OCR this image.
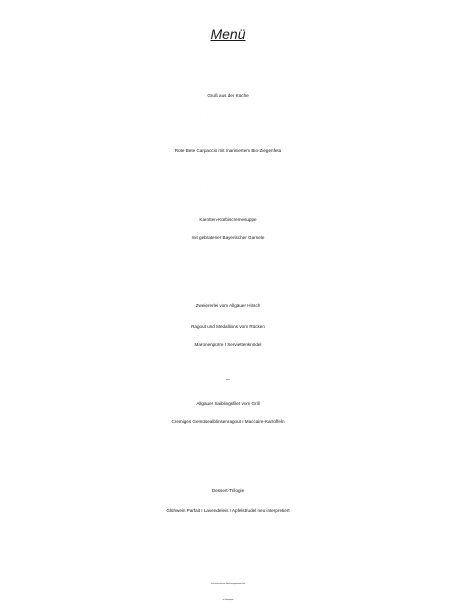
Menü
Gruß aus der Küche
* * *
Rote Bete Carpaccio mit mariniertem Bio-Ziegenfeta
* * *
Karotten-Kürbiscremesuppe
mit gebratener Bayerischer Garnele
* * *
Zweiererlei vom Allgäuer Hirsch
Ragout und Medallions vom Rücken
Maronenpürre I Serviettenknödel
oder
Allgäuer Saiblingsfilet vom Grill
Cremiges Gemüsealblinsenragout I Maccaire-Kartoffeln
* * *
Dessert-Trilogie
Glühwein Parfait I Lavendeleis I Apfelstrudel neu interpretiert
Dazu reichen wir zwei Sorten hausgebackenes Brot
mit Kräuterquark
